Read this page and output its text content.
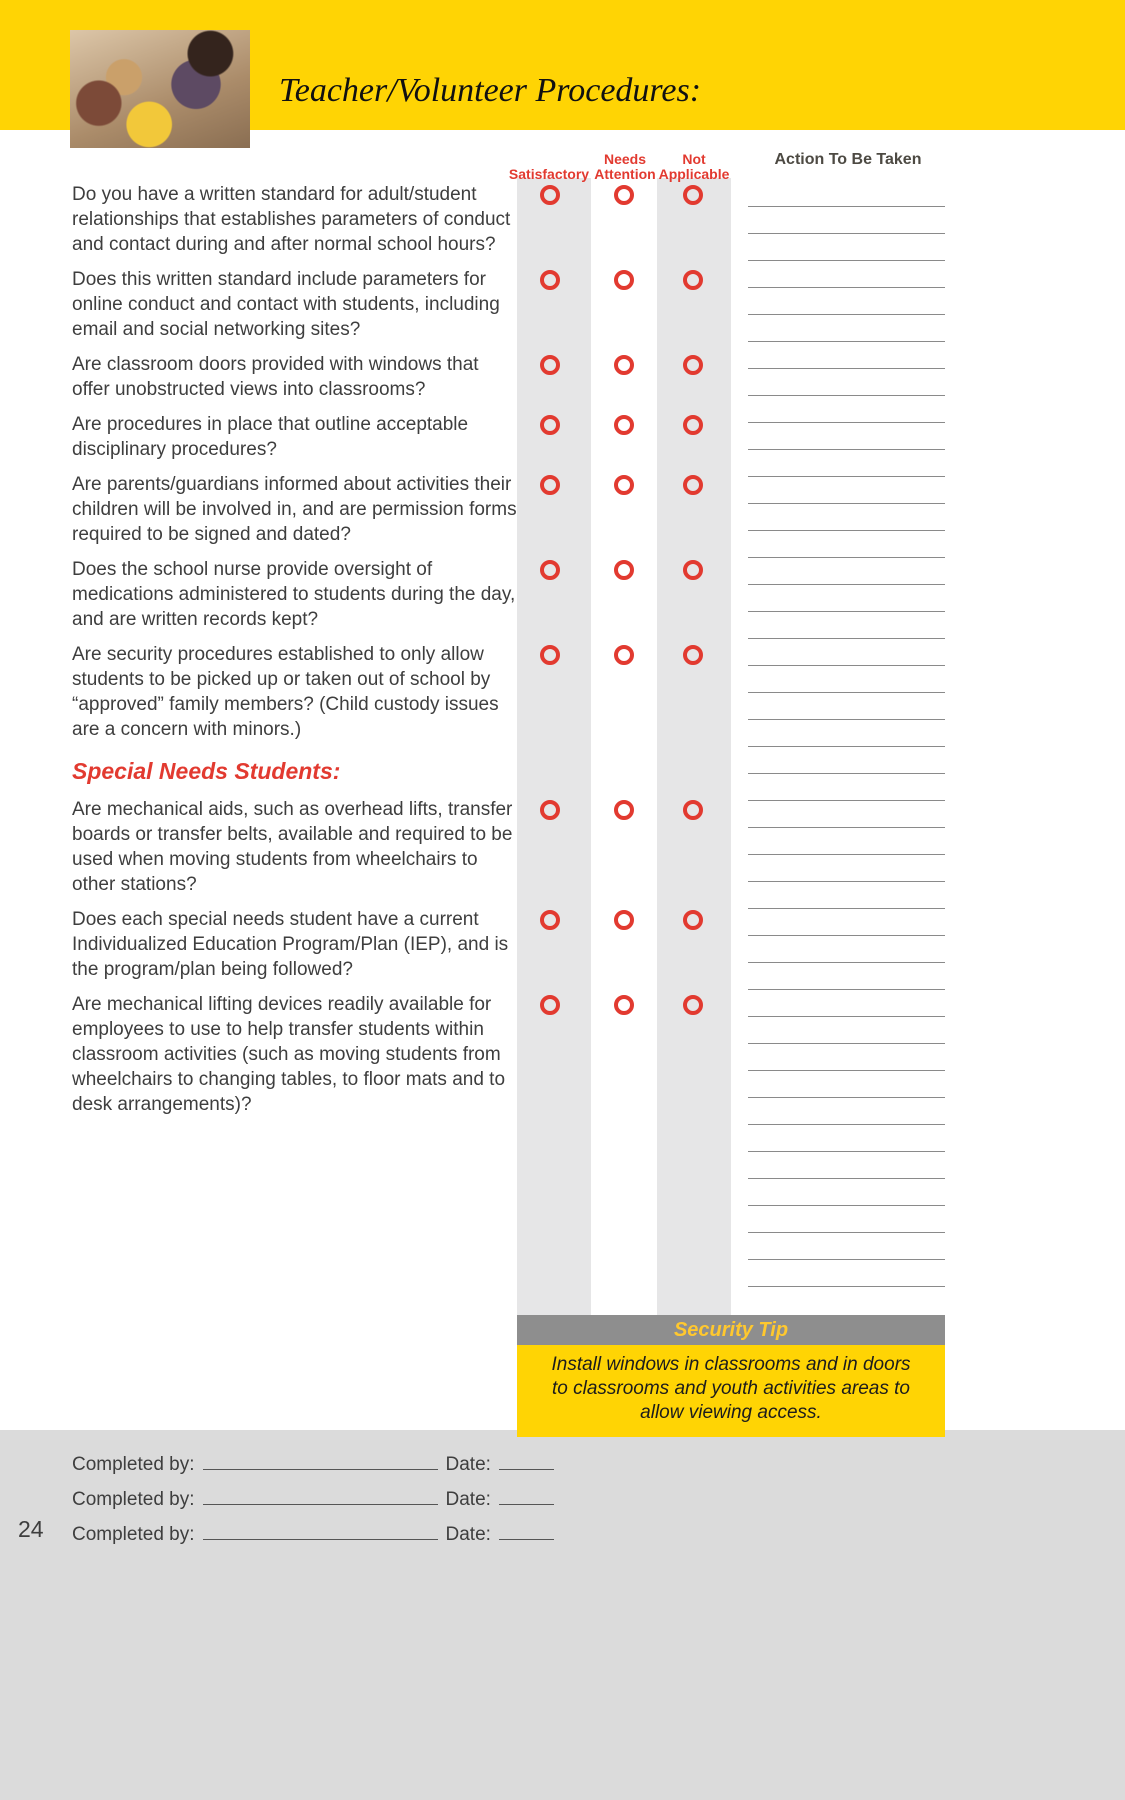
Teacher/Volunteer Procedures:
Satisfactory
Needs
Attention
Not
Applicable
Action To Be Taken
Do you have a written standard for adult/student relationships that establishes parameters of conduct and contact during and after normal school hours?
Does this written standard include parameters for online conduct and contact with students, including email and social networking sites?
Are classroom doors provided with windows that offer unobstructed views into classrooms?
Are procedures in place that outline acceptable disciplinary procedures?
Are parents/guardians informed about activities their children will be involved in, and are permission forms required to be signed and dated?
Does the school nurse provide oversight of medications administered to students during the day, and are written records kept?
Are security procedures established to only allow students to be picked up or taken out of school by “approved” family members? (Child custody issues are a concern with minors.)
Special Needs Students:
Are mechanical aids, such as overhead lifts, transfer boards or transfer belts, available and required to be used when moving students from wheelchairs to other stations?
Does each special needs student have a current Individualized Education Program/Plan (IEP), and is the program/plan being followed?
Are mechanical lifting devices readily available for employees to use to help transfer students within classroom activities (such as moving students from wheelchairs to changing tables, to floor mats and to desk arrangements)?
Security Tip
Install windows in classrooms and in doors to classrooms and youth activities areas to allow viewing access.
Completed by:	Date:
Completed by:	Date:
Completed by:	Date:
24
